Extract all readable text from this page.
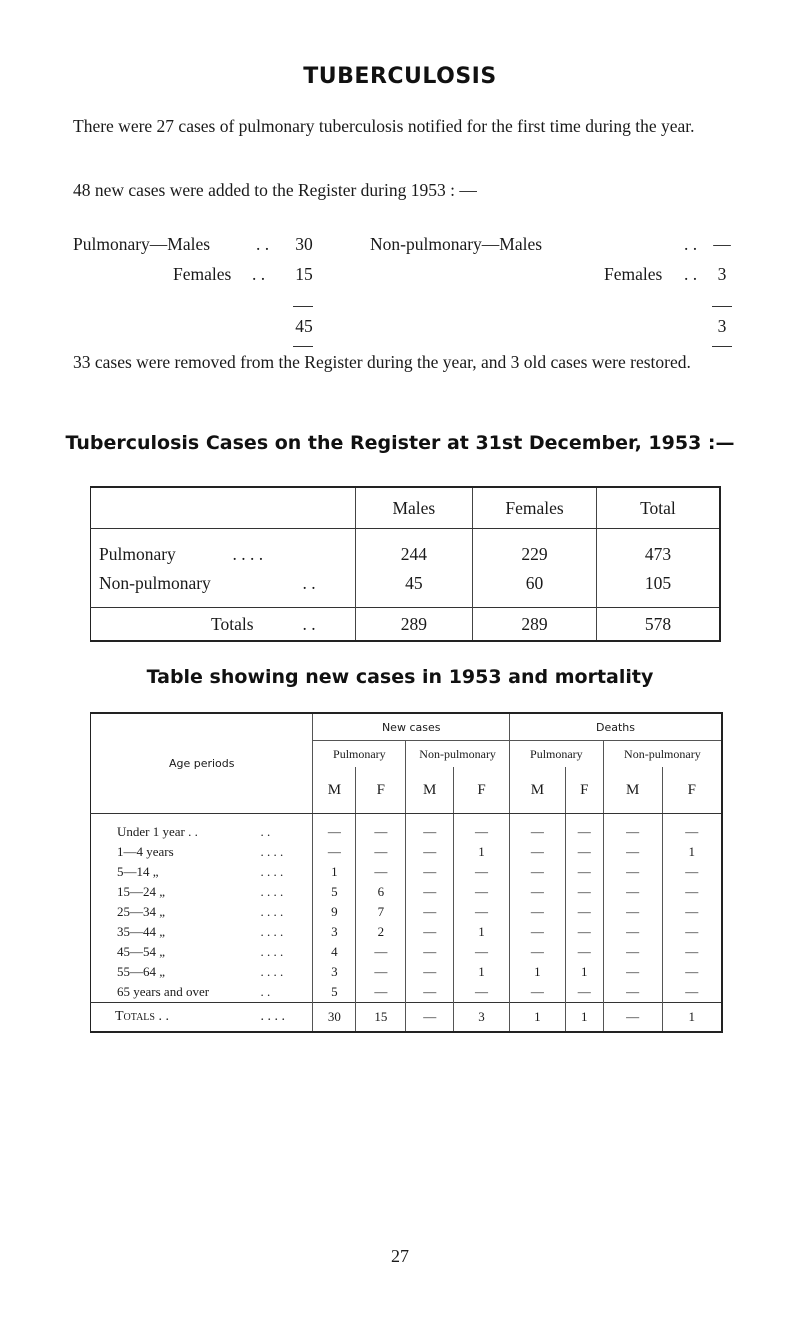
TUBERCULOSIS
There were 27 cases of pulmonary tuberculosis notified for the first time during the year.
48 new cases were added to the Register during 1953 : —
Pulmonary—Males	. .	30
Females . .	15
45
Non-pulmonary—Males	. . —
Females . .	3
3
33 cases were removed from the Register during the year, and 3 old cases were restored.
Tuberculosis Cases on the Register at 31st December, 1953 :—
	Males	Females	Total
Pulmonary . . . .	244	229	473
Non-pulmonary . .	45	60	105
Totals . .	289	289	578
Table showing new cases in 1953 and mortality
Age periods	New cases				Deaths			
	Pulmonary		Non-pulmonary		Pulmonary		Non-pulmonary	
	M	F	M	F	M	F	M	F
Under 1 year . . . .	—	—	—	—	—	—	—	—
1—4 years . . . .	—	—	—	1	—	—	—	1
5—14 „ . . . .	1	—	—	—	—	—	—	—
15—24 „ . . . .	5	6	—	—	—	—	—	—
25—34 „ . . . .	9	7	—	—	—	—	—	—
35—44 „ . . . .	3	2	—	1	—	—	—	—
45—54 „ . . . .	4	—	—	—	—	—	—	—
55—64 „ . . . .	3	—	—	1	1	1	—	—
65 years and over . .	5	—	—	—	—	—	—	—
Totals . . . . . .	30	15	—	3	1	1	—	1
27
